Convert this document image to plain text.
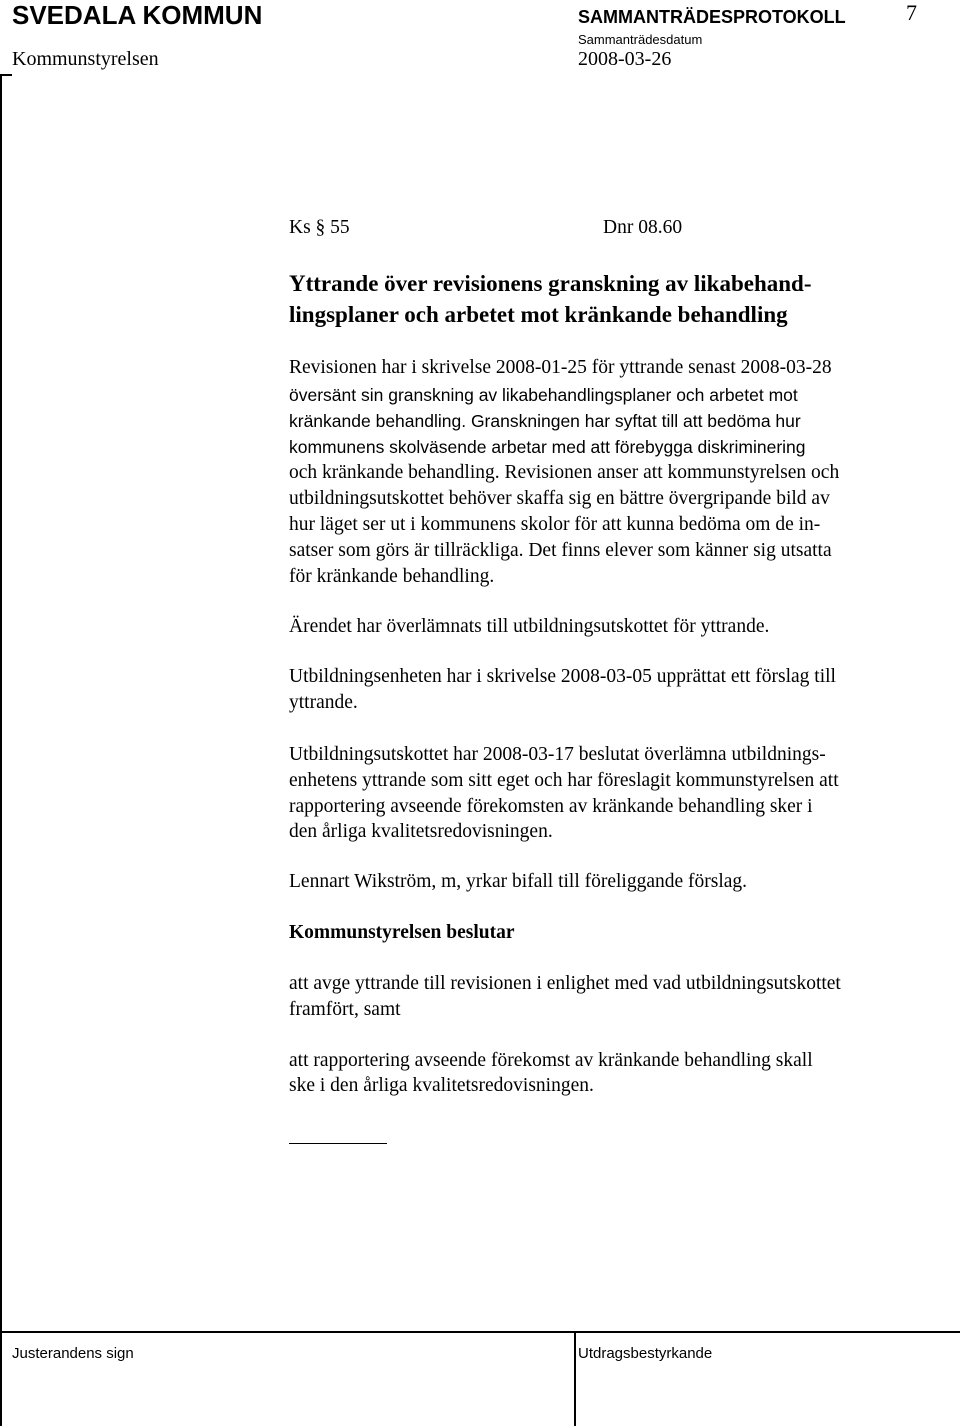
SVEDALA KOMMUN	SAMMANTRÄDESPROTOKOLL	7
Sammanträdesdatum
Kommunstyrelsen	2008-03-26
Ks § 55	Dnr 08.60
Yttrande över revisionens granskning av likabehand-
lingsplaner och arbetet mot kränkande behandling
Revisionen har i skrivelse 2008-01-25 för yttrande senast 2008-03-28
översänt sin granskning av likabehandlingsplaner och arbetet mot
kränkande behandling. Granskningen har syftat till att bedöma hur
kommunens skolväsende arbetar med att förebygga diskriminering
och kränkande behandling. Revisionen anser att kommunstyrelsen och
utbildningsutskottet behöver skaffa sig en bättre övergripande bild av
hur läget ser ut i kommunens skolor för att kunna bedöma om de in-
satser som görs är tillräckliga. Det finns elever som känner sig utsatta
för kränkande behandling.
Ärendet har överlämnats till utbildningsutskottet för yttrande.
Utbildningsenheten har i skrivelse 2008-03-05 upprättat ett förslag till
yttrande.
Utbildningsutskottet har 2008-03-17 beslutat överlämna utbildnings-
enhetens yttrande som sitt eget och har föreslagit kommunstyrelsen att
rapportering avseende förekomsten av kränkande behandling sker i
den årliga kvalitetsredovisningen.
Lennart Wikström, m, yrkar bifall till föreliggande förslag.
Kommunstyrelsen beslutar
att avge yttrande till revisionen i enlighet med vad utbildningsutskottet
framfört, samt
att rapportering avseende förekomst av kränkande behandling skall
ske i den årliga kvalitetsredovisningen.
Justerandens sign	Utdragsbestyrkande
